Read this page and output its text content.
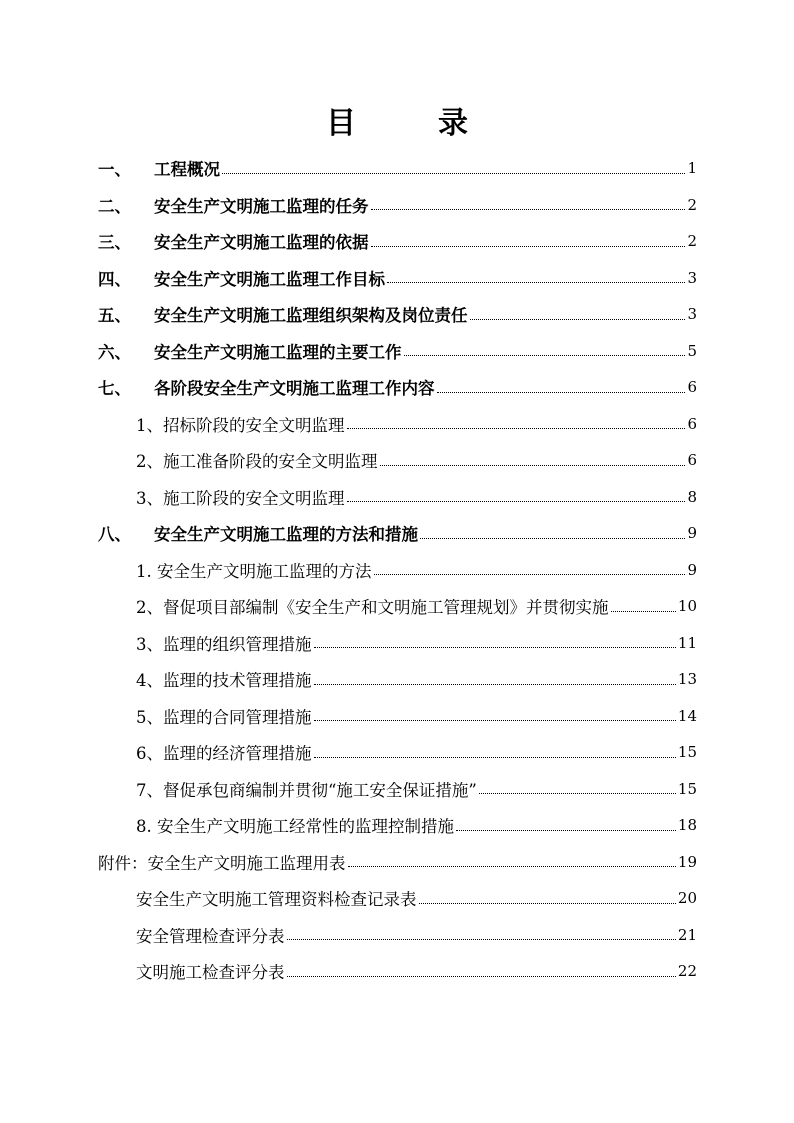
目　录
一、	工程概况	1
二、	安全生产文明施工监理的任务	2
三、	安全生产文明施工监理的依据	2
四、	安全生产文明施工监理工作目标	3
五、	安全生产文明施工监理组织架构及岗位责任	3
六、	安全生产文明施工监理的主要工作	5
七、	各阶段安全生产文明施工监理工作内容	6
1、招标阶段的安全文明监理	6
2、施工准备阶段的安全文明监理	6
3、施工阶段的安全文明监理	8
八、	安全生产文明施工监理的方法和措施	9
1. 安全生产文明施工监理的方法	9
2、督促项目部编制《安全生产和文明施工管理规划》并贯彻实施	10
3、监理的组织管理措施	11
4、监理的技术管理措施	13
5、监理的合同管理措施	14
6、监理的经济管理措施	15
7、督促承包商编制并贯彻“施工安全保证措施”	15
8. 安全生产文明施工经常性的监理控制措施	18
附件：安全生产文明施工监理用表	19
安全生产文明施工管理资料检查记录表	20
安全管理检查评分表	21
文明施工检查评分表	22
